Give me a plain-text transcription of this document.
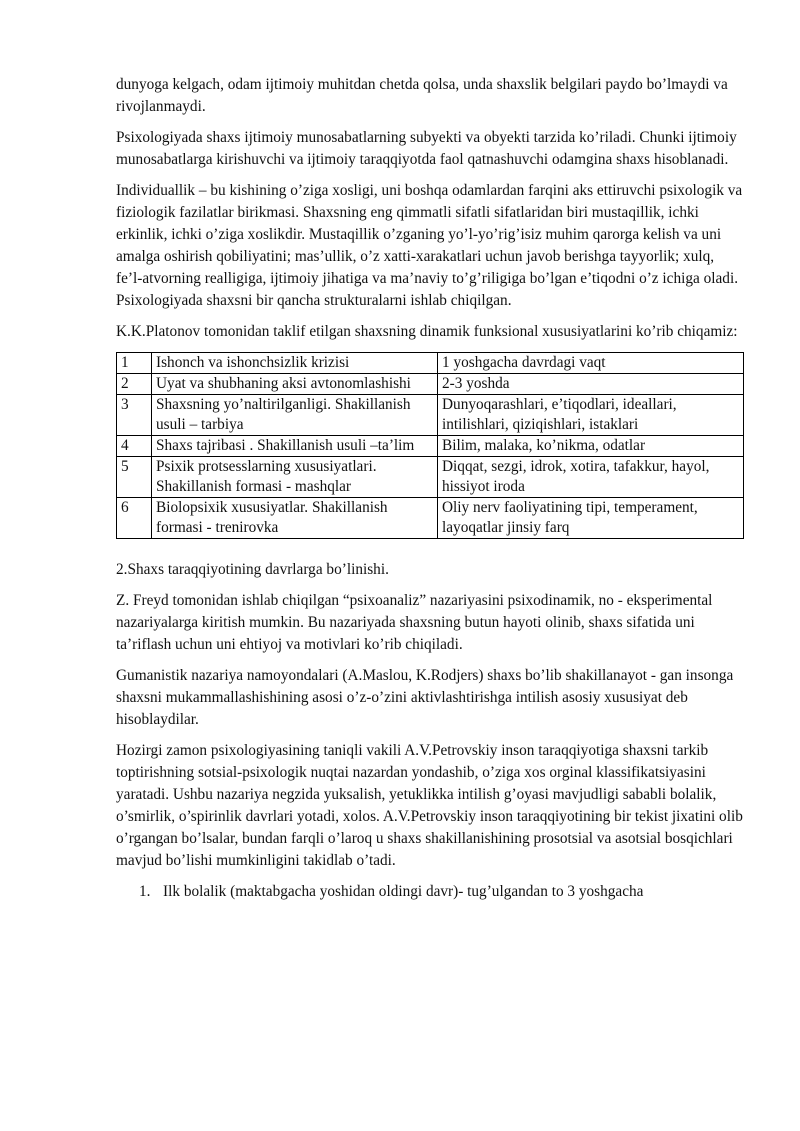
dunyoga kelgach, odam ijtimoiy muhitdan chetda qolsa, unda shaxslik belgilari paydo bo’lmaydi va rivojlanmaydi.

Psixologiyada shaxs ijtimoiy munosabatlarning subyekti va obyekti tarzida ko’riladi. Chunki ijtimoiy munosabatlarga kirishuvchi va ijtimoiy taraqqiyotda faol qatnashuvchi odamgina shaxs hisoblanadi.

Individuallik – bu kishining o’ziga xosligi, uni boshqa odamlardan farqini aks ettiruvchi psixologik va fiziologik fazilatlar birikmasi. Shaxsning eng qimmatli sifatli sifatlaridan biri mustaqillik, ichki erkinlik, ichki o’ziga xoslikdir. Mustaqillik o’zganing yo’l-yo’rig’isiz muhim qarorga kelish va uni amalga oshirish qobiliyatini; mas’ullik, o’z xatti-xarakatlari uchun javob berishga tayyorlik; xulq, fe’l-atvorning realligiga, ijtimoiy jihatiga va ma’naviy to’g’riligiga bo’lgan e’tiqodni o’z ichiga oladi. Psixologiyada shaxsni bir qancha strukturalarni ishlab chiqilgan.

K.K.Platonov tomonidan taklif etilgan shaxsning dinamik funksional xususiyatlarini ko’rib chiqamiz:

1	Ishonch va ishonchsizlik krizisi	1 yoshgacha davrdagi vaqt
2	Uyat va shubhaning aksi avtonomlashishi	2-3 yoshda
3	Shaxsning yo’naltirilganligi. Shakillanish usuli – tarbiya	Dunyoqarashlari, e’tiqodlari, ideallari, intilishlari, qiziqishlari, istaklari
4	Shaxs tajribasi . Shakillanish usuli –ta’lim	Bilim, malaka, ko’nikma, odatlar
5	Psixik protsesslarning xususiyatlari. Shakillanish formasi - mashqlar	Diqqat, sezgi, idrok, xotira, tafakkur, hayol, hissiyot iroda
6	Biolopsixik xususiyatlar. Shakillanish formasi - trenirovka	Oliy nerv faoliyatining tipi, temperament, layoqatlar jinsiy farq

2.Shaxs taraqqiyotining davrlarga bo’linishi.

Z. Freyd tomonidan ishlab chiqilgan “psixoanaliz” nazariyasini psixodinamik, no - eksperimental nazariyalarga kiritish mumkin. Bu nazariyada shaxsning butun hayoti olinib, shaxs sifatida uni ta’riflash uchun uni ehtiyoj va motivlari ko’rib chiqiladi.

Gumanistik nazariya namoyondalari (A.Maslou, K.Rodjers) shaxs bo’lib shakillanayot - gan insonga shaxsni mukammallashishining asosi o’z-o’zini aktivlashtirishga intilish asosiy xususiyat deb hisoblaydilar.

Hozirgi zamon psixologiyasining taniqli vakili A.V.Petrovskiy inson taraqqiyotiga shaxsni tarkib toptirishning sotsial-psixologik nuqtai nazardan yondashib, o’ziga xos orginal klassifikatsiyasini yaratadi. Ushbu nazariya negzida yuksalish, yetuklikka intilish g’oyasi mavjudligi sababli bolalik, o’smirlik, o’spirinlik davrlari yotadi, xolos. A.V.Petrovskiy inson taraqqiyotining bir tekist jixatini olib o’rgangan bo’lsalar, bundan farqli o’laroq u shaxs shakillanishining prosotsial va asotsial bosqichlari mavjud bo’lishi mumkinligini takidlab o’tadi.

1. Ilk bolalik (maktabgacha yoshidan oldingi davr)- tug’ulgandan to 3 yoshgacha
